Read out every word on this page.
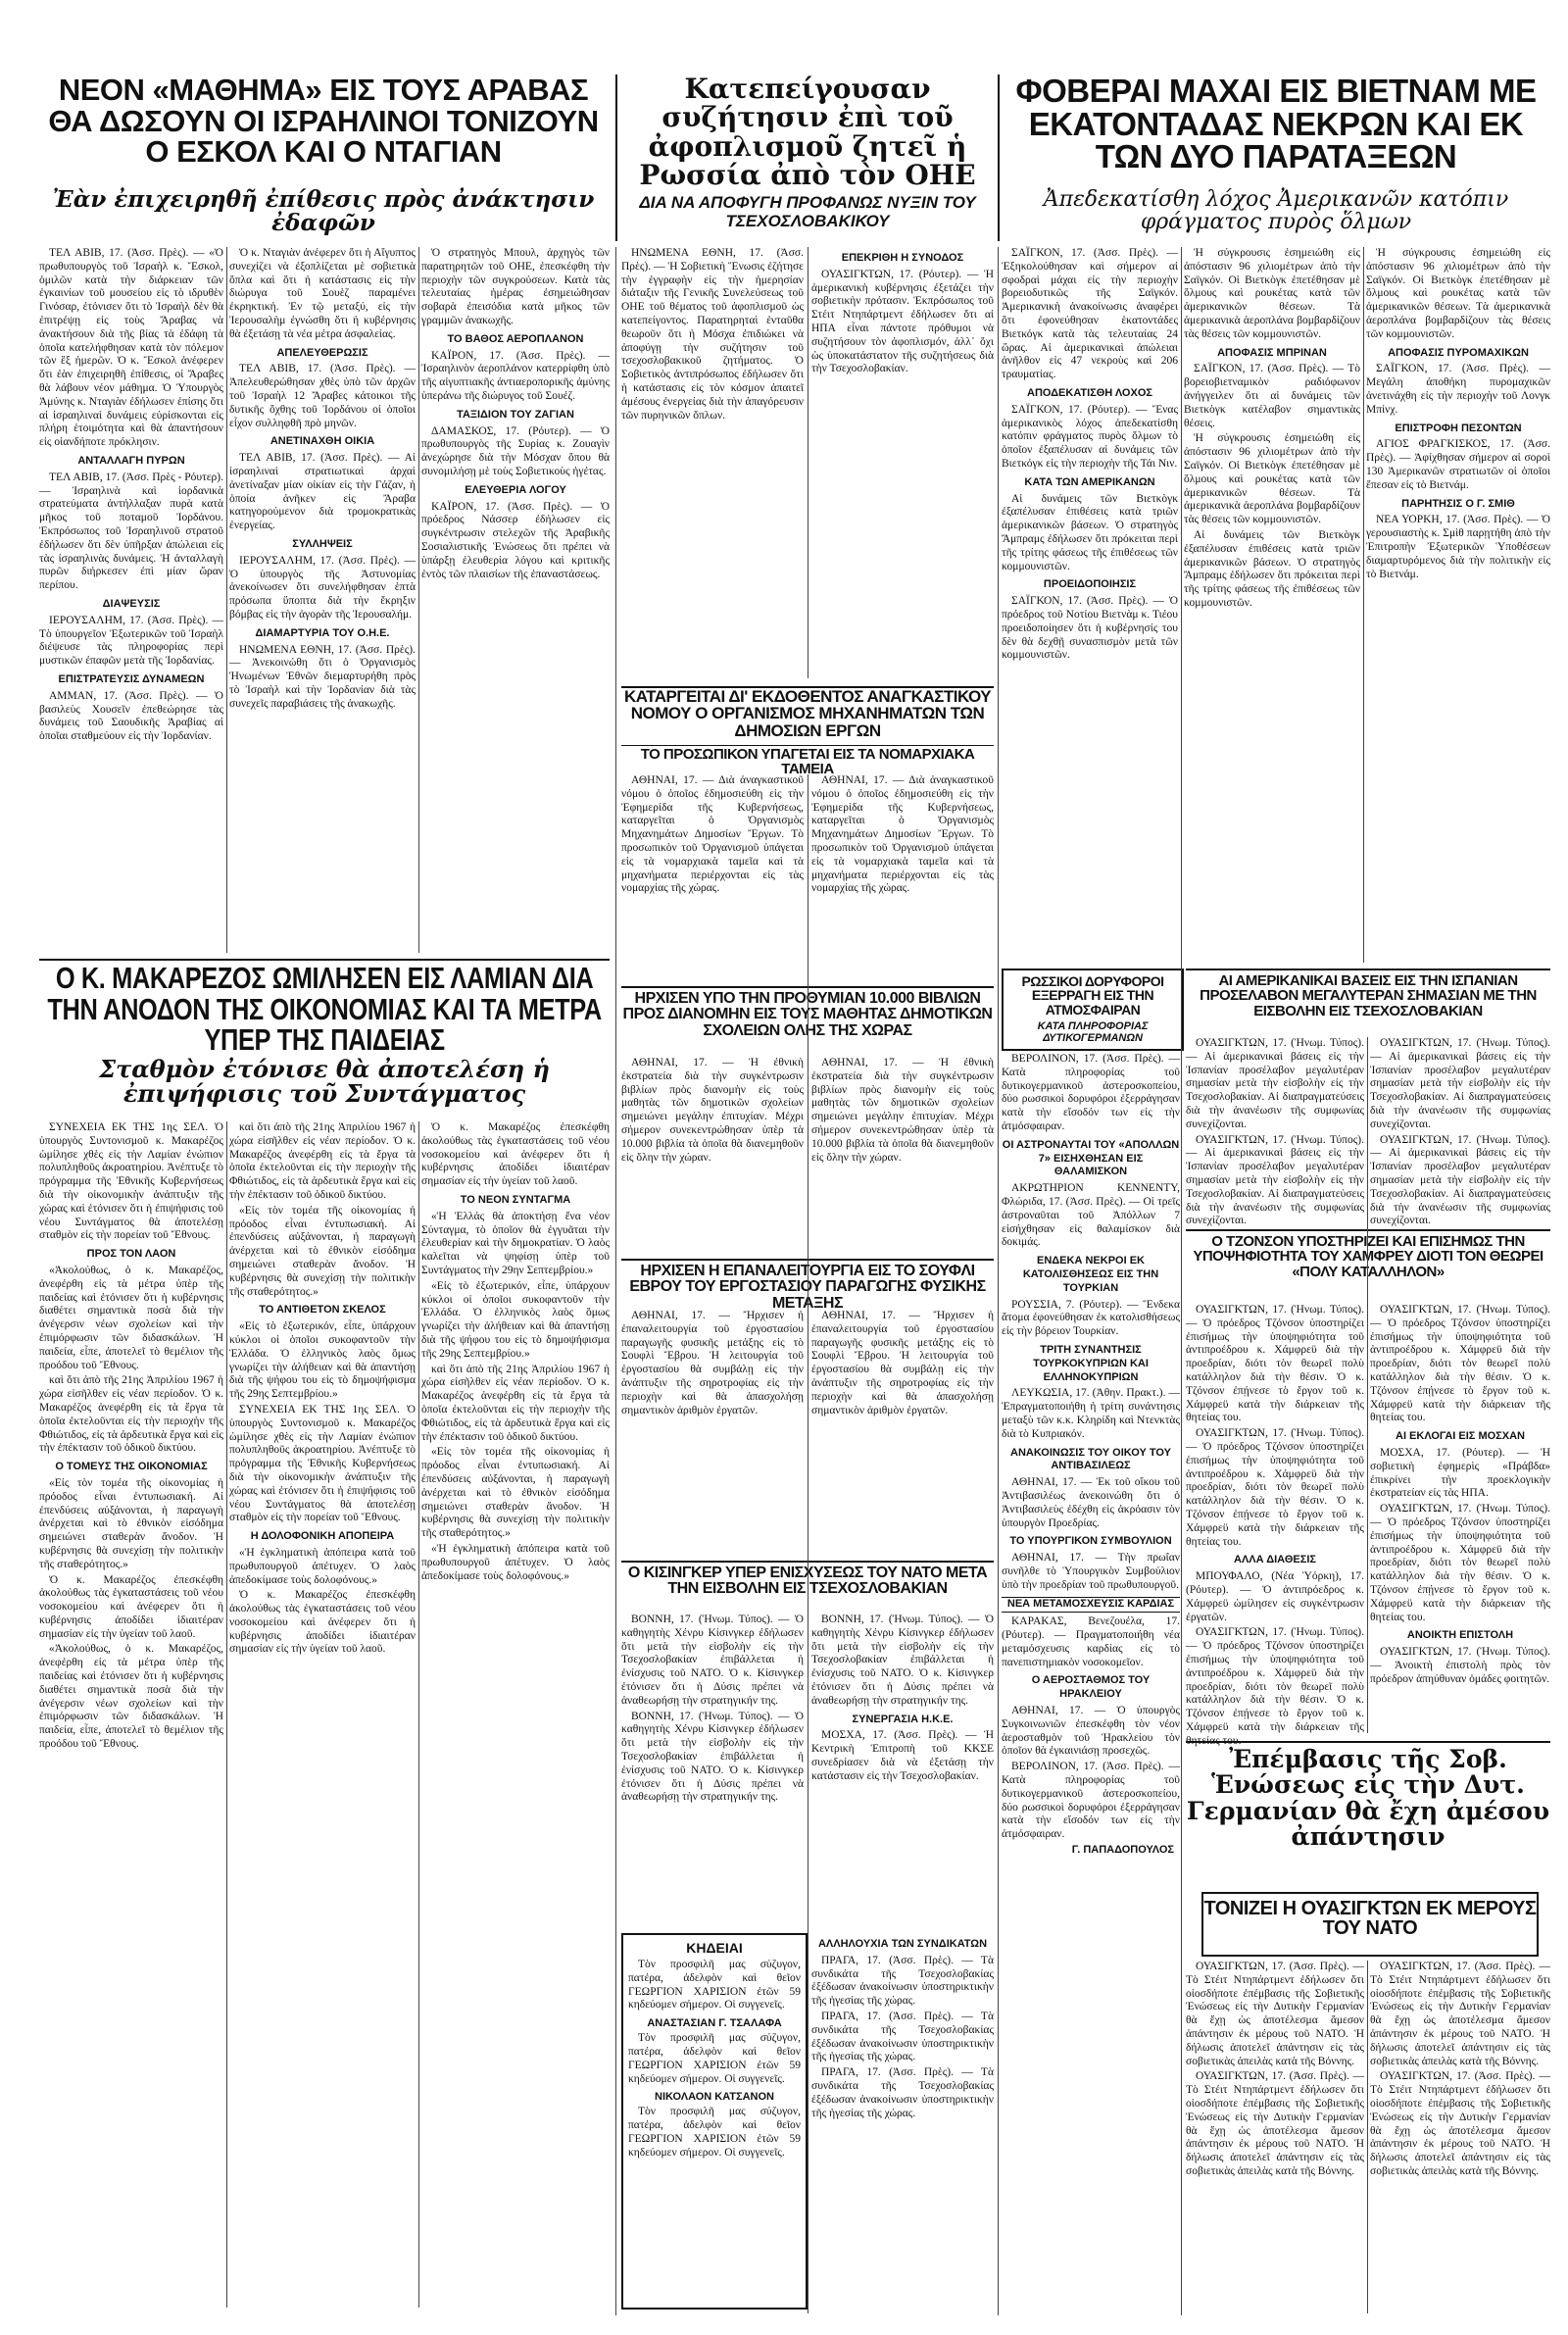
ΝΕΟΝ «ΜΑΘΗΜΑ» ΕΙΣ ΤΟΥΣ ΑΡΑΒΑΣ ΘΑ ΔΩΣΟΥΝ ΟΙ ΙΣΡΑΗΛΙΝΟΙ ΤΟΝΙΖΟΥΝ Ο ΕΣΚΟΛ ΚΑΙ Ο ΝΤΑΓΙΑΝ
Ἐὰν ἐπιχειρηθῆ ἐπίθεσις πρὸς ἀνάκτησιν ἐδαφῶν
Κατεπείγουσαν συζήτησιν ἐπὶ τοῦ ἀφοπλισμοῦ ζητεῖ ἡ Ρωσσία ἀπὸ τὸν ΟΗΕ
ΔΙΑ ΝΑ ΑΠΟΦΥΓΗ ΠΡΟΦΑΝΩΣ ΝΥΞΙΝ ΤΟΥ ΤΣΕΧΟΣΛΟΒΑΚΙΚΟΥ
ΦΟΒΕΡΑΙ ΜΑΧΑΙ ΕΙΣ ΒΙΕΤΝΑΜ ΜΕ ΕΚΑΤΟΝΤΑΔΑΣ ΝΕΚΡΩΝ ΚΑΙ ΕΚ ΤΩΝ ΔΥΟ ΠΑΡΑΤΑΞΕΩΝ
Ἀπεδεκατίσθη λόχος Ἀμερικανῶν κατόπιν φράγματος πυρὸς ὅλμων

ΤΕΛ ΑΒΙΒ, 17. (Ἀσσ. Πρὲς). — «Ὁ πρωθυπουργὸς τοῦ Ἰσραὴλ κ. Ἔσκολ, ὁμιλῶν κατὰ τὴν διάρκειαν τῶν ἐγκαινίων τοῦ μουσείου εἰς τὸ ιδρυθὲν Γινόσαρ, ἐτόνισεν ὅτι τὸ Ἰσραὴλ δὲν θὰ ἐπιτρέψῃ εἰς τοὺς Ἄραβας νὰ ἀνακτήσουν διὰ τῆς βίας τὰ ἐδάφη τὰ ὁποῖα κατελήφθησαν κατὰ τὸν πόλεμον τῶν ἓξ ἡμερῶν. Ὁ κ. Ἔσκολ ἀνέφερεν ὅτι ἐὰν ἐπιχειρηθῆ ἐπίθεσις, οἱ Ἄραβες θὰ λάβουν νέον μάθημα. Ὁ Ὑπουργὸς Ἀμύνης κ. Νταγιὰν ἐδήλωσεν ἐπίσης ὅτι αἱ ἰσραηλιναὶ δυνάμεις εὑρίσκονται εἰς πλήρη ἑτοιμότητα καὶ θὰ ἀπαντήσουν εἰς οἱανδήποτε πρόκλησιν.

ΑΝΤΑΛΛΑΓΗ ΠΥΡΩΝ

ΤΕΛ ΑΒΙΒ, 17. (Ἀσσ. Πρὲς - Ρόυτερ). — Ἰσραηλινὰ καὶ ἰορδανικὰ στρατεύματα ἀντήλλαξαν πυρὰ κατὰ μῆκος τοῦ ποταμοῦ Ἰορδάνου. Ἐκπρόσωπος τοῦ Ἰσραηλινοῦ στρατοῦ ἐδήλωσεν ὅτι δὲν ὑπῆρξαν ἀπώλειαι εἰς τὰς ἰσραηλινὰς δυνάμεις. Ἡ ἀνταλλαγὴ πυρῶν διήρκεσεν ἐπὶ μίαν ὥραν περίπου.

ΔΙΑΨΕΥΣΙΣ

ΙΕΡΟΥΣΑΛΗΜ, 17. (Ἀσσ. Πρὲς). — Τὸ ὑπουργεῖον Ἐξωτερικῶν τοῦ Ἰσραὴλ διέψευσε τὰς πληροφορίας περὶ μυστικῶν ἐπαφῶν μετὰ τῆς Ἰορδανίας.

ΕΠΙΣΤΡΑΤΕΥΣΙΣ ΔΥΝΑΜΕΩΝ

ΑΜΜΑΝ, 17. (Ἀσσ. Πρὲς). — Ὁ βασιλεὺς Χουσεῖν ἐπεθεώρησε τὰς δυνάμεις τοῦ Σαουδικῆς Ἀραβίας αἱ ὁποῖαι σταθμεύουν εἰς τὴν Ἰορδανίαν.

Ὁ κ. Νταγιὰν ἀνέφερεν ὅτι ἡ Αἴγυπτος συνεχίζει νὰ ἐξοπλίζεται μὲ σοβιετικὰ ὅπλα καὶ ὅτι ἡ κατάστασις εἰς τὴν διώρυγα τοῦ Σουὲζ παραμένει ἐκρηκτική. Ἐν τῷ μεταξύ, εἰς τὴν Ἰερουσαλὴμ ἐγνώσθη ὅτι ἡ κυβέρνησις θὰ ἐξετάσῃ τὰ νέα μέτρα ἀσφαλείας.

ΑΠΕΛΕΥΘΕΡΩΣΙΣ

ΤΕΛ ΑΒΙΒ, 17. (Ἀσσ. Πρὲς). — Ἀπελευθερώθησαν χθὲς ὑπὸ τῶν ἀρχῶν τοῦ Ἰσραὴλ 12 Ἄραβες κάτοικοι τῆς δυτικῆς ὄχθης τοῦ Ἰορδάνου οἱ ὁποῖοι εἶχον συλληφθῆ πρὸ μηνῶν.

ΑΝΕΤΙΝΑΧΘΗ ΟΙΚΙΑ

ΤΕΛ ΑΒΙΒ, 17. (Ἀσσ. Πρὲς). — Αἱ ἰσραηλιναὶ στρατιωτικαὶ ἀρχαὶ ἀνετίναξαν μίαν οἰκίαν εἰς τὴν Γάζαν, ἡ ὁποία ἀνῆκεν εἰς Ἄραβα κατηγορούμενον διὰ τρομοκρατικὰς ἐνεργείας.

ΣΥΛΛΗΨΕΙΣ

ΙΕΡΟΥΣΑΛΗΜ, 17. (Ἀσσ. Πρὲς). — Ὁ ὑπουργὸς τῆς Ἀστυνομίας ἀνεκοίνωσεν ὅτι συνελήφθησαν ἑπτὰ πρόσωπα ὕποπτα διὰ τὴν ἔκρηξιν βόμβας εἰς τὴν ἀγορὰν τῆς Ἰερουσαλήμ.

ΔΙΑΜΑΡΤΥΡΙΑ ΤΟΥ Ο.Η.Ε.

ΗΝΩΜΕΝΑ ΕΘΝΗ, 17. (Ἀσσ. Πρὲς). — Ἀνεκοινώθη ὅτι ὁ Ὀργανισμὸς Ἡνωμένων Ἐθνῶν διεμαρτυρήθη πρὸς τὸ Ἰσραὴλ καὶ τὴν Ἰορδανίαν διὰ τὰς συνεχεῖς παραβιάσεις τῆς ἀνακωχῆς.

Ὁ στρατηγὸς Μπουλ, ἀρχηγὸς τῶν παρατηρητῶν τοῦ ΟΗΕ, ἐπεσκέφθη τὴν περιοχὴν τῶν συγκρούσεων. Κατὰ τὰς τελευταίας ἡμέρας ἐσημειώθησαν σοβαρὰ ἐπεισόδια κατὰ μῆκος τῶν γραμμῶν ἀνακωχῆς.

ΤΟ ΒΑΘΟΣ ΑΕΡΟΠΛΑΝΟΝ

ΚΑΪΡΟΝ, 17. (Ἀσσ. Πρὲς). — Ἰσραηλινὸν ἀεροπλάνον κατερρίφθη ὑπὸ τῆς αἰγυπτιακῆς ἀντιαεροπορικῆς ἀμύνης ὑπεράνω τῆς διώρυγος τοῦ Σουέζ.

ΤΑΞΙΔΙΟΝ ΤΟΥ ΖΑΓΙΑΝ

ΔΑΜΑΣΚΟΣ, 17. (Ρόυτερ). — Ὁ πρωθυπουργὸς τῆς Συρίας κ. Ζουαγὶν ἀνεχώρησε διὰ τὴν Μόσχαν ὅπου θὰ συνομιλήσῃ μὲ τοὺς Σοβιετικοὺς ἡγέτας.

ΕΛΕΥΘΕΡΙΑ ΛΟΓΟΥ

ΚΑΪΡΟΝ, 17. (Ἀσσ. Πρὲς). — Ὁ πρόεδρος Νάσσερ ἐδήλωσεν εἰς συγκέντρωσιν στελεχῶν τῆς Ἀραβικῆς Σοσιαλιστικῆς Ἑνώσεως ὅτι πρέπει νὰ ὑπάρξῃ ἐλευθερία λόγου καὶ κριτικῆς ἐντὸς τῶν πλαισίων τῆς ἐπαναστάσεως.

ΗΝΩΜΕΝΑ ΕΘΝΗ, 17. (Ἀσσ. Πρὲς). — Ἡ Σοβιετικὴ Ἕνωσις ἐζήτησε τὴν ἐγγραφὴν εἰς τὴν ἡμερησίαν διάταξιν τῆς Γενικῆς Συνελεύσεως τοῦ ΟΗΕ τοῦ θέματος τοῦ ἀφοπλισμοῦ ὡς κατεπείγοντος. Παρατηρηταὶ ἐνταῦθα θεωροῦν ὅτι ἡ Μόσχα ἐπιδιώκει νὰ ἀποφύγῃ τὴν συζήτησιν τοῦ τσεχοσλοβακικοῦ ζητήματος. Ὁ Σοβιετικὸς ἀντιπρόσωπος ἐδήλωσεν ὅτι ἡ κατάστασις εἰς τὸν κόσμον ἀπαιτεῖ ἀμέσους ἐνεργείας διὰ τὴν ἀπαγόρευσιν τῶν πυρηνικῶν ὅπλων.

ΕΠΕΚΡΙΘΗ Η ΣΥΝΟΔΟΣ

ΟΥΑΣΙΓΚΤΩΝ, 17. (Ρόυτερ). — Ἡ ἀμερικανικὴ κυβέρνησις ἐξετάζει τὴν σοβιετικὴν πρότασιν. Ἐκπρόσωπος τοῦ Στέιτ Ντηπάρτμεντ ἐδήλωσεν ὅτι αἱ ΗΠΑ εἶναι πάντοτε πρόθυμοι νὰ συζητήσουν τὸν ἀφοπλισμόν, ἀλλ᾽ ὄχι ὡς ὑποκατάστατον τῆς συζητήσεως διὰ τὴν Τσεχοσλοβακίαν.

ΚΑΤΑΡΓΕΙΤΑΙ ΔΙ' ΕΚΔΟΘΕΝΤΟΣ ΑΝΑΓΚΑΣΤΙΚΟΥ ΝΟΜΟΥ Ο ΟΡΓΑΝΙΣΜΟΣ ΜΗΧΑΝΗΜΑΤΩΝ ΤΩΝ ΔΗΜΟΣΙΩΝ ΕΡΓΩΝ
ΤΟ ΠΡΟΣΩΠΙΚΟΝ ΥΠΑΓΕΤΑΙ ΕΙΣ ΤΑ ΝΟΜΑΡΧΙΑΚΑ ΤΑΜΕΙΑ

ΑΘΗΝΑΙ, 17. — Διὰ ἀναγκαστικοῦ νόμου ὁ ὁποῖος ἐδημοσιεύθη εἰς τὴν Ἐφημερίδα τῆς Κυβερνήσεως, καταργεῖται ὁ Ὀργανισμὸς Μηχανημάτων Δημοσίων Ἔργων. Τὸ προσωπικὸν τοῦ Ὀργανισμοῦ ὑπάγεται εἰς τὰ νομαρχιακὰ ταμεῖα καὶ τὰ μηχανήματα περιέρχονται εἰς τὰς νομαρχίας τῆς χώρας.

ΑΘΗΝΑΙ, 17. — Διὰ ἀναγκαστικοῦ νόμου ὁ ὁποῖος ἐδημοσιεύθη εἰς τὴν Ἐφημερίδα τῆς Κυβερνήσεως, καταργεῖται ὁ Ὀργανισμὸς Μηχανημάτων Δημοσίων Ἔργων. Τὸ προσωπικὸν τοῦ Ὀργανισμοῦ ὑπάγεται εἰς τὰ νομαρχιακὰ ταμεῖα καὶ τὰ μηχανήματα περιέρχονται εἰς τὰς νομαρχίας τῆς χώρας.

ΗΡΧΙΣΕΝ ΥΠΟ ΤΗΝ ΠΡΟΘΥΜΙΑΝ 10.000 ΒΙΒΛΙΩΝ ΠΡΟΣ ΔΙΑΝΟΜΗΝ ΕΙΣ ΤΟΥΣ ΜΑΘΗΤΑΣ ΔΗΜΟΤΙΚΩΝ ΣΧΟΛΕΙΩΝ ΟΛΗΣ ΤΗΣ ΧΩΡΑΣ

ΑΘΗΝΑΙ, 17. — Ἡ ἐθνικὴ ἐκστρατεία διὰ τὴν συγκέντρωσιν βιβλίων πρὸς διανομὴν εἰς τοὺς μαθητὰς τῶν δημοτικῶν σχολείων σημειώνει μεγάλην ἐπιτυχίαν. Μέχρι σήμερον συνεκεντρώθησαν ὑπὲρ τὰ 10.000 βιβλία τὰ ὁποῖα θὰ διανεμηθοῦν εἰς ὅλην τὴν χώραν.

ΑΘΗΝΑΙ, 17. — Ἡ ἐθνικὴ ἐκστρατεία διὰ τὴν συγκέντρωσιν βιβλίων πρὸς διανομὴν εἰς τοὺς μαθητὰς τῶν δημοτικῶν σχολείων σημειώνει μεγάλην ἐπιτυχίαν. Μέχρι σήμερον συνεκεντρώθησαν ὑπὲρ τὰ 10.000 βιβλία τὰ ὁποῖα θὰ διανεμηθοῦν εἰς ὅλην τὴν χώραν.

ΗΡΧΙΣΕΝ Η ΕΠΑΝΑΛΕΙΤΟΥΡΓΙΑ ΕΙΣ ΤΟ ΣΟΥΦΛΙ ΕΒΡΟΥ ΤΟΥ ΕΡΓΟΣΤΑΣΙΟΥ ΠΑΡΑΓΩΓΗΣ ΦΥΣΙΚΗΣ ΜΕΤΑΞΗΣ

ΑΘΗΝΑΙ, 17. — Ἤρχισεν ἡ ἐπαναλειτουργία τοῦ ἐργοστασίου παραγωγῆς φυσικῆς μετάξης εἰς τὸ Σουφλὶ Ἔβρου. Ἡ λειτουργία τοῦ ἐργοστασίου θὰ συμβάλῃ εἰς τὴν ἀνάπτυξιν τῆς σηροτροφίας εἰς τὴν περιοχὴν καὶ θὰ ἀπασχολήσῃ σημαντικὸν ἀριθμὸν ἐργατῶν.

ΑΘΗΝΑΙ, 17. — Ἤρχισεν ἡ ἐπαναλειτουργία τοῦ ἐργοστασίου παραγωγῆς φυσικῆς μετάξης εἰς τὸ Σουφλὶ Ἔβρου. Ἡ λειτουργία τοῦ ἐργοστασίου θὰ συμβάλῃ εἰς τὴν ἀνάπτυξιν τῆς σηροτροφίας εἰς τὴν περιοχὴν καὶ θὰ ἀπασχολήσῃ σημαντικὸν ἀριθμὸν ἐργατῶν.

Ο ΚΙΣΙΝΓΚΕΡ ΥΠΕΡ ΕΝΙΣΧΥΣΕΩΣ ΤΟΥ ΝΑΤΟ ΜΕΤΑ ΤΗΝ ΕΙΣΒΟΛΗΝ ΕΙΣ ΤΣΕΧΟΣΛΟΒΑΚΙΑΝ

ΒΟΝΝΗ, 17. (Ἡνωμ. Τύπος). — Ὁ καθηγητὴς Χένρυ Κίσινγκερ ἐδήλωσεν ὅτι μετὰ τὴν εἰσβολὴν εἰς τὴν Τσεχοσλοβακίαν ἐπιβάλλεται ἡ ἐνίσχυσις τοῦ ΝΑΤΟ. Ὁ κ. Κίσινγκερ ἐτόνισεν ὅτι ἡ Δύσις πρέπει νὰ ἀναθεωρήσῃ τὴν στρατηγικήν της.

ΒΟΝΝΗ, 17. (Ἡνωμ. Τύπος). — Ὁ καθηγητὴς Χένρυ Κίσινγκερ ἐδήλωσεν ὅτι μετὰ τὴν εἰσβολὴν εἰς τὴν Τσεχοσλοβακίαν ἐπιβάλλεται ἡ ἐνίσχυσις τοῦ ΝΑΤΟ. Ὁ κ. Κίσινγκερ ἐτόνισεν ὅτι ἡ Δύσις πρέπει νὰ ἀναθεωρήσῃ τὴν στρατηγικήν της.

ΒΟΝΝΗ, 17. (Ἡνωμ. Τύπος). — Ὁ καθηγητὴς Χένρυ Κίσινγκερ ἐδήλωσεν ὅτι μετὰ τὴν εἰσβολὴν εἰς τὴν Τσεχοσλοβακίαν ἐπιβάλλεται ἡ ἐνίσχυσις τοῦ ΝΑΤΟ. Ὁ κ. Κίσινγκερ ἐτόνισεν ὅτι ἡ Δύσις πρέπει νὰ ἀναθεωρήσῃ τὴν στρατηγικήν της.

ΣΥΝΕΡΓΑΣΙΑ Η.Κ.Ε.

ΜΟΣΧΑ, 17. (Ἀσσ. Πρὲς). — Ἡ Κεντρικὴ Ἐπιτροπὴ τοῦ ΚΚΣΕ συνεδρίασεν διὰ νὰ ἐξετάσῃ τὴν κατάστασιν εἰς τὴν Τσεχοσλοβακίαν.

ΚΗΔΕΙΑΙ

Τὸν προσφιλῆ μας σύζυγον, πατέρα, ἀδελφὸν καὶ θεῖον ΓΕΩΡΓΙΟΝ ΧΑΡΙΣΙΟΝ ἐτῶν 59 κηδεύομεν σήμερον. Οἱ συγγενεῖς.

ΑΝΑΣΤΑΣΙΑΝ Γ. ΤΣΑΛΑΦΑ

Τὸν προσφιλῆ μας σύζυγον, πατέρα, ἀδελφὸν καὶ θεῖον ΓΕΩΡΓΙΟΝ ΧΑΡΙΣΙΟΝ ἐτῶν 59 κηδεύομεν σήμερον. Οἱ συγγενεῖς.

ΝΙΚΟΛΑΟΝ ΚΑΤΣΑΝΟΝ

Τὸν προσφιλῆ μας σύζυγον, πατέρα, ἀδελφὸν καὶ θεῖον ΓΕΩΡΓΙΟΝ ΧΑΡΙΣΙΟΝ ἐτῶν 59 κηδεύομεν σήμερον. Οἱ συγγενεῖς.

ΑΛΛΗΛΟΥΧΙΑ ΤΩΝ ΣΥΝΔΙΚΑΤΩΝ

ΠΡΑΓΑ, 17. (Ἀσσ. Πρὲς). — Τὰ συνδικάτα τῆς Τσεχοσλοβακίας ἐξέδωσαν ἀνακοίνωσιν ὑποστηρικτικὴν τῆς ἡγεσίας τῆς χώρας.

ΠΡΑΓΑ, 17. (Ἀσσ. Πρὲς). — Τὰ συνδικάτα τῆς Τσεχοσλοβακίας ἐξέδωσαν ἀνακοίνωσιν ὑποστηρικτικὴν τῆς ἡγεσίας τῆς χώρας.

ΠΡΑΓΑ, 17. (Ἀσσ. Πρὲς). — Τὰ συνδικάτα τῆς Τσεχοσλοβακίας ἐξέδωσαν ἀνακοίνωσιν ὑποστηρικτικὴν τῆς ἡγεσίας τῆς χώρας.

ΣΑΪΓΚΟΝ, 17. (Ἀσσ. Πρὲς). — Ἐξηκολούθησαν καὶ σήμερον αἱ σφοδραὶ μάχαι εἰς τὴν περιοχὴν βορειοδυτικῶς τῆς Σαϊγκόν. Ἀμερικανικὴ ἀνακοίνωσις ἀναφέρει ὅτι ἐφονεύθησαν ἑκατοντάδες Βιετκόγκ κατὰ τὰς τελευταίας 24 ὥρας. Αἱ ἀμερικανικαὶ ἀπώλειαι ἀνῆλθον εἰς 47 νεκροὺς καὶ 206 τραυματίας.

ΑΠΟΔΕΚΑΤΙΣΘΗ ΛΟΧΟΣ

ΣΑΪΓΚΟΝ, 17. (Ρόυτερ). — Ἕνας ἀμερικανικὸς λόχος ἀπεδεκατίσθη κατόπιν φράγματος πυρὸς ὅλμων τὸ ὁποῖον ἐξαπέλυσαν αἱ δυνάμεις τῶν Βιετκόγκ εἰς τὴν περιοχὴν τῆς Τάι Νιν.

ΚΑΤΑ ΤΩΝ ΑΜΕΡΙΚΑΝΩΝ

Αἱ δυνάμεις τῶν Βιετκὸγκ ἐξαπέλυσαν ἐπιθέσεις κατὰ τριῶν ἀμερικανικῶν βάσεων. Ὁ στρατηγὸς Ἄμπραμς ἐδήλωσεν ὅτι πρόκειται περὶ τῆς τρίτης φάσεως τῆς ἐπιθέσεως τῶν κομμουνιστῶν.

ΠΡΟΕΙΔΟΠΟΙΗΣΙΣ

ΣΑΪΓΚΟΝ, 17. (Ἀσσ. Πρὲς). — Ὁ πρόεδρος τοῦ Νοτίου Βιετνὰμ κ. Τιέου προειδοποίησεν ὅτι ἡ κυβέρνησίς του δὲν θὰ δεχθῇ συνασπισμὸν μετὰ τῶν κομμουνιστῶν.

Ἡ σύγκρουσις ἐσημειώθη εἰς ἀπόστασιν 96 χιλιομέτρων ἀπὸ τὴν Σαϊγκόν. Οἱ Βιετκὸγκ ἐπετέθησαν μὲ ὅλμους καὶ ρουκέτας κατὰ τῶν ἀμερικανικῶν θέσεων. Τὰ ἀμερικανικὰ ἀεροπλάνα βομβαρδίζουν τὰς θέσεις τῶν κομμουνιστῶν.

ΑΠΟΦΑΣΙΣ ΜΠΡΙΝΑΝ

ΣΑΪΓΚΟΝ, 17. (Ἀσσ. Πρὲς). — Τὸ βορειοβιετναμικὸν ραδιόφωνον ἀνήγγειλεν ὅτι αἱ δυνάμεις τῶν Βιετκὸγκ κατέλαβον σημαντικὰς θέσεις.

Ἡ σύγκρουσις ἐσημειώθη εἰς ἀπόστασιν 96 χιλιομέτρων ἀπὸ τὴν Σαϊγκόν. Οἱ Βιετκὸγκ ἐπετέθησαν μὲ ὅλμους καὶ ρουκέτας κατὰ τῶν ἀμερικανικῶν θέσεων. Τὰ ἀμερικανικὰ ἀεροπλάνα βομβαρδίζουν τὰς θέσεις τῶν κομμουνιστῶν.

Αἱ δυνάμεις τῶν Βιετκὸγκ ἐξαπέλυσαν ἐπιθέσεις κατὰ τριῶν ἀμερικανικῶν βάσεων. Ὁ στρατηγὸς Ἄμπραμς ἐδήλωσεν ὅτι πρόκειται περὶ τῆς τρίτης φάσεως τῆς ἐπιθέσεως τῶν κομμουνιστῶν.

Ἡ σύγκρουσις ἐσημειώθη εἰς ἀπόστασιν 96 χιλιομέτρων ἀπὸ τὴν Σαϊγκόν. Οἱ Βιετκὸγκ ἐπετέθησαν μὲ ὅλμους καὶ ρουκέτας κατὰ τῶν ἀμερικανικῶν θέσεων. Τὰ ἀμερικανικὰ ἀεροπλάνα βομβαρδίζουν τὰς θέσεις τῶν κομμουνιστῶν.

ΑΠΟΦΑΣΙΣ ΠΥΡΟΜΑΧΙΚΩΝ

ΣΑΪΓΚΟΝ, 17. (Ἀσσ. Πρὲς). — Μεγάλη ἀποθήκη πυρομαχικῶν ἀνετινάχθη εἰς τὴν περιοχὴν τοῦ Λονγκ Μπίνχ.

ΕΠΙΣΤΡΟΦΗ ΠΕΣΟΝΤΩΝ

ΑΓΙΟΣ ΦΡΑΓΚΙΣΚΟΣ, 17. (Ἀσσ. Πρὲς). — Ἀφίχθησαν σήμερον αἱ σοροὶ 130 Ἀμερικανῶν στρατιωτῶν οἱ ὁποῖοι ἔπεσαν εἰς τὸ Βιετνάμ.

ΠΑΡΗΤΗΣΙΣ Ο Γ. ΣΜΙΘ

ΝΕΑ ΥΟΡΚΗ, 17. (Ἀσσ. Πρὲς). — Ὁ γερουσιαστὴς κ. Σμὶθ παρῃτήθη ἀπὸ τὴν Ἐπιτροπὴν Ἐξωτερικῶν Ὑποθέσεων διαμαρτυρόμενος διὰ τὴν πολιτικὴν εἰς τὸ Βιετνάμ.

Ο Κ. ΜΑΚΑΡΕΖΟΣ ΩΜΙΛΗΣΕΝ ΕΙΣ ΛΑΜΙΑΝ ΔΙΑ ΤΗΝ ΑΝΟΔΟΝ ΤΗΣ ΟΙΚΟΝΟΜΙΑΣ ΚΑΙ ΤΑ ΜΕΤΡΑ ΥΠΕΡ ΤΗΣ ΠΑΙΔΕΙΑΣ
Σταθμὸν ἐτόνισε θὰ ἀποτελέση ἡ ἐπιψήφισις τοῦ Συντάγματος

ΣΥΝΕΧΕΙΑ ΕΚ ΤΗΣ 1ης ΣΕΛ. Ὁ ὑπουργὸς Συντονισμοῦ κ. Μακαρέζος ὡμίλησε χθὲς εἰς τὴν Λαμίαν ἐνώπιον πολυπληθοῦς ἀκροατηρίου. Ἀνέπτυξε τὸ πρόγραμμα τῆς Ἐθνικῆς Κυβερνήσεως διὰ τὴν οἰκονομικὴν ἀνάπτυξιν τῆς χώρας καὶ ἐτόνισεν ὅτι ἡ ἐπιψήφισις τοῦ νέου Συντάγματος θὰ ἀποτελέσῃ σταθμὸν εἰς τὴν πορείαν τοῦ Ἔθνους.

ΠΡΟΣ ΤΟΝ ΛΑΟΝ

«Ἀκολούθως, ὁ κ. Μακαρέζος, ἀνεφέρθη εἰς τὰ μέτρα ὑπὲρ τῆς παιδείας καὶ ἐτόνισεν ὅτι ἡ κυβέρνησις διαθέτει σημαντικὰ ποσὰ διὰ τὴν ἀνέγερσιν νέων σχολείων καὶ τὴν ἐπιμόρφωσιν τῶν διδασκάλων. Ἡ παιδεία, εἶπε, ἀποτελεῖ τὸ θεμέλιον τῆς προόδου τοῦ Ἔθνους.

καὶ ὅτι ἀπὸ τῆς 21ης Ἀπριλίου 1967 ἡ χώρα εἰσῆλθεν εἰς νέαν περίοδον. Ὁ κ. Μακαρέζος ἀνεφέρθη εἰς τὰ ἔργα τὰ ὁποῖα ἐκτελοῦνται εἰς τὴν περιοχὴν τῆς Φθιώτιδος, εἰς τὰ ἀρδευτικὰ ἔργα καὶ εἰς τὴν ἐπέκτασιν τοῦ ὁδικοῦ δικτύου.

Ο ΤΟΜΕΥΣ ΤΗΣ ΟΙΚΟΝΟΜΙΑΣ

«Εἰς τὸν τομέα τῆς οἰκονομίας ἡ πρόοδος εἶναι ἐντυπωσιακή. Αἱ ἐπενδύσεις αὐξάνονται, ἡ παραγωγὴ ἀνέρχεται καὶ τὸ ἐθνικὸν εἰσόδημα σημειώνει σταθερὰν ἄνοδον. Ἡ κυβέρνησις θὰ συνεχίσῃ τὴν πολιτικὴν τῆς σταθερότητος.»

Ὁ κ. Μακαρέζος ἐπεσκέφθη ἀκολούθως τὰς ἐγκαταστάσεις τοῦ νέου νοσοκομείου καὶ ἀνέφερεν ὅτι ἡ κυβέρνησις ἀποδίδει ἰδιαιτέραν σημασίαν εἰς τὴν ὑγείαν τοῦ λαοῦ.

«Ἀκολούθως, ὁ κ. Μακαρέζος, ἀνεφέρθη εἰς τὰ μέτρα ὑπὲρ τῆς παιδείας καὶ ἐτόνισεν ὅτι ἡ κυβέρνησις διαθέτει σημαντικὰ ποσὰ διὰ τὴν ἀνέγερσιν νέων σχολείων καὶ τὴν ἐπιμόρφωσιν τῶν διδασκάλων. Ἡ παιδεία, εἶπε, ἀποτελεῖ τὸ θεμέλιον τῆς προόδου τοῦ Ἔθνους.

καὶ ὅτι ἀπὸ τῆς 21ης Ἀπριλίου 1967 ἡ χώρα εἰσῆλθεν εἰς νέαν περίοδον. Ὁ κ. Μακαρέζος ἀνεφέρθη εἰς τὰ ἔργα τὰ ὁποῖα ἐκτελοῦνται εἰς τὴν περιοχὴν τῆς Φθιώτιδος, εἰς τὰ ἀρδευτικὰ ἔργα καὶ εἰς τὴν ἐπέκτασιν τοῦ ὁδικοῦ δικτύου.

«Εἰς τὸν τομέα τῆς οἰκονομίας ἡ πρόοδος εἶναι ἐντυπωσιακή. Αἱ ἐπενδύσεις αὐξάνονται, ἡ παραγωγὴ ἀνέρχεται καὶ τὸ ἐθνικὸν εἰσόδημα σημειώνει σταθερὰν ἄνοδον. Ἡ κυβέρνησις θὰ συνεχίσῃ τὴν πολιτικὴν τῆς σταθερότητος.»

ΤΟ ΑΝΤΙΘΕΤΟΝ ΣΚΕΛΟΣ

«Εἰς τὸ ἐξωτερικόν, εἶπε, ὑπάρχουν κύκλοι οἱ ὁποῖοι συκοφαντοῦν τὴν Ἑλλάδα. Ὁ ἑλληνικὸς λαὸς ὅμως γνωρίζει τὴν ἀλήθειαν καὶ θὰ ἀπαντήσῃ διὰ τῆς ψήφου του εἰς τὸ δημοψήφισμα τῆς 29ης Σεπτεμβρίου.»

ΣΥΝΕΧΕΙΑ ΕΚ ΤΗΣ 1ης ΣΕΛ. Ὁ ὑπουργὸς Συντονισμοῦ κ. Μακαρέζος ὡμίλησε χθὲς εἰς τὴν Λαμίαν ἐνώπιον πολυπληθοῦς ἀκροατηρίου. Ἀνέπτυξε τὸ πρόγραμμα τῆς Ἐθνικῆς Κυβερνήσεως διὰ τὴν οἰκονομικὴν ἀνάπτυξιν τῆς χώρας καὶ ἐτόνισεν ὅτι ἡ ἐπιψήφισις τοῦ νέου Συντάγματος θὰ ἀποτελέσῃ σταθμὸν εἰς τὴν πορείαν τοῦ Ἔθνους.

Η ΔΟΛΟΦΟΝΙΚΗ ΑΠΟΠΕΙΡΑ

«Ἡ ἐγκληματικὴ ἀπόπειρα κατὰ τοῦ πρωθυπουργοῦ ἀπέτυχεν. Ὁ λαὸς ἀπεδοκίμασε τοὺς δολοφόνους.»

Ὁ κ. Μακαρέζος ἐπεσκέφθη ἀκολούθως τὰς ἐγκαταστάσεις τοῦ νέου νοσοκομείου καὶ ἀνέφερεν ὅτι ἡ κυβέρνησις ἀποδίδει ἰδιαιτέραν σημασίαν εἰς τὴν ὑγείαν τοῦ λαοῦ.

Ὁ κ. Μακαρέζος ἐπεσκέφθη ἀκολούθως τὰς ἐγκαταστάσεις τοῦ νέου νοσοκομείου καὶ ἀνέφερεν ὅτι ἡ κυβέρνησις ἀποδίδει ἰδιαιτέραν σημασίαν εἰς τὴν ὑγείαν τοῦ λαοῦ.

ΤΟ ΝΕΟΝ ΣΥΝΤΑΓΜΑ

«Ἡ Ἑλλάς θὰ ἀποκτήσῃ ἕνα νέον Σύνταγμα, τὸ ὁποῖον θὰ ἐγγυᾶται τὴν ἐλευθερίαν καὶ τὴν δημοκρατίαν. Ὁ λαὸς καλεῖται νὰ ψηφίσῃ ὑπὲρ τοῦ Συντάγματος τὴν 29ην Σεπτεμβρίου.»

«Εἰς τὸ ἐξωτερικόν, εἶπε, ὑπάρχουν κύκλοι οἱ ὁποῖοι συκοφαντοῦν τὴν Ἑλλάδα. Ὁ ἑλληνικὸς λαὸς ὅμως γνωρίζει τὴν ἀλήθειαν καὶ θὰ ἀπαντήσῃ διὰ τῆς ψήφου του εἰς τὸ δημοψήφισμα τῆς 29ης Σεπτεμβρίου.»

καὶ ὅτι ἀπὸ τῆς 21ης Ἀπριλίου 1967 ἡ χώρα εἰσῆλθεν εἰς νέαν περίοδον. Ὁ κ. Μακαρέζος ἀνεφέρθη εἰς τὰ ἔργα τὰ ὁποῖα ἐκτελοῦνται εἰς τὴν περιοχὴν τῆς Φθιώτιδος, εἰς τὰ ἀρδευτικὰ ἔργα καὶ εἰς τὴν ἐπέκτασιν τοῦ ὁδικοῦ δικτύου.

«Εἰς τὸν τομέα τῆς οἰκονομίας ἡ πρόοδος εἶναι ἐντυπωσιακή. Αἱ ἐπενδύσεις αὐξάνονται, ἡ παραγωγὴ ἀνέρχεται καὶ τὸ ἐθνικὸν εἰσόδημα σημειώνει σταθερὰν ἄνοδον. Ἡ κυβέρνησις θὰ συνεχίσῃ τὴν πολιτικὴν τῆς σταθερότητος.»

«Ἡ ἐγκληματικὴ ἀπόπειρα κατὰ τοῦ πρωθυπουργοῦ ἀπέτυχεν. Ὁ λαὸς ἀπεδοκίμασε τοὺς δολοφόνους.»

ΡΩΣΣΙΚΟΙ ΔΟΡΥΦΟΡΟΙ ΕΞΕΡΡΑΓΗ ΕΙΣ ΤΗΝ ΑΤΜΟΣΦΑΙΡΑΝ
ΚΑΤΑ ΠΛΗΡΟΦΟΡΙΑΣ ΔΥΤΙΚΟΓΕΡΜΑΝΩΝ

ΒΕΡΟΛΙΝΟΝ, 17. (Ἀσσ. Πρὲς). — Κατὰ πληροφορίας τοῦ δυτικογερμανικοῦ ἀστεροσκοπείου, δύο ρωσσικοὶ δορυφόροι ἐξερράγησαν κατὰ τὴν εἴσοδόν των εἰς τὴν ἀτμόσφαιραν.

ΟΙ ΑΣΤΡΟΝΑΥΤΑΙ ΤΟΥ «ΑΠΟΛΛΩΝ 7» ΕΙΣΗΧΘΗΣΑΝ ΕΙΣ ΘΑΛΑΜΙΣΚΟΝ

ΑΚΡΩΤΗΡΙΟΝ ΚΕΝΝΕΝΤΥ, Φλώριδα, 17. (Ἀσσ. Πρὲς). — Οἱ τρεῖς ἀστροναῦται τοῦ Ἀπόλλων 7 εἰσήχθησαν εἰς θαλαμίσκον διὰ δοκιμάς.

ΕΝΔΕΚΑ ΝΕΚΡΟΙ ΕΚ ΚΑΤΟΛΙΣΘΗΣΕΩΣ ΕΙΣ ΤΗΝ ΤΟΥΡΚΙΑΝ

ΡΟΥΣΣΙΑ, 7. (Ρόυτερ). — Ἕνδεκα ἄτομα ἐφονεύθησαν ἐκ κατολισθήσεως εἰς τὴν βόρειον Τουρκίαν.

ΤΡΙΤΗ ΣΥΝΑΝΤΗΣΙΣ ΤΟΥΡΚΟΚΥΠΡΙΩΝ ΚΑΙ ΕΛΛΗΝΟΚΥΠΡΙΩΝ

ΛΕΥΚΩΣΙΑ, 17. (Ἀθην. Πρακτ.). — Ἐπραγματοποιήθη ἡ τρίτη συνάντησις μεταξὺ τῶν κ.κ. Κληρίδη καὶ Ντενκτὰς διὰ τὸ Κυπριακόν.

ΑΝΑΚΟΙΝΩΣΙΣ ΤΟΥ ΟΙΚΟΥ ΤΟΥ ΑΝΤΙΒΑΣΙΛΕΩΣ

ΑΘΗΝΑΙ, 17. — Ἐκ τοῦ οἴκου τοῦ Ἀντιβασιλέως ἀνεκοινώθη ὅτι ὁ Ἀντιβασιλεὺς ἐδέχθη εἰς ἀκρόασιν τὸν ὑπουργὸν Προεδρίας.

ΤΟ ΥΠΟΥΡΓΙΚΟΝ ΣΥΜΒΟΥΛΙΟΝ

ΑΘΗΝΑΙ, 17. — Τὴν πρωΐαν συνῆλθε τὸ Ὑπουργικὸν Συμβούλιον ὑπὸ τὴν προεδρίαν τοῦ πρωθυπουργοῦ.

ΝΕΑ ΜΕΤΑΜΟΣΧΕΥΣΙΣ ΚΑΡΔΙΑΣ

ΚΑΡΑΚΑΣ, Βενεζουέλα, 17. (Ρόυτερ). — Πραγματοποιήθη νέα μεταμόσχευσις καρδίας εἰς τὸ πανεπιστημιακὸν νοσοκομεῖον.

Ο ΑΕΡΟΣΤΑΘΜΟΣ ΤΟΥ ΗΡΑΚΛΕΙΟΥ

ΑΘΗΝΑΙ, 17. — Ὁ ὑπουργὸς Συγκοινωνιῶν ἐπεσκέφθη τὸν νέον ἀεροσταθμὸν τοῦ Ἡρακλείου τὸν ὁποῖον θὰ ἐγκαινιάσῃ προσεχῶς.

ΒΕΡΟΛΙΝΟΝ, 17. (Ἀσσ. Πρὲς). — Κατὰ πληροφορίας τοῦ δυτικογερμανικοῦ ἀστεροσκοπείου, δύο ρωσσικοὶ δορυφόροι ἐξερράγησαν κατὰ τὴν εἴσοδόν των εἰς τὴν ἀτμόσφαιραν.

Γ. ΠΑΠΑΔΟΠΟΥΛΟΣ
ΑΙ ΑΜΕΡΙΚΑΝΙΚΑΙ ΒΑΣΕΙΣ ΕΙΣ ΤΗΝ ΙΣΠΑΝΙΑΝ ΠΡΟΣΕΛΑΒΟΝ ΜΕΓΑΛΥΤΕΡΑΝ ΣΗΜΑΣΙΑΝ ΜΕ ΤΗΝ ΕΙΣΒΟΛΗΝ ΕΙΣ ΤΣΕΧΟΣΛΟΒΑΚΙΑΝ

ΟΥΑΣΙΓΚΤΩΝ, 17. (Ἡνωμ. Τύπος). — Αἱ ἀμερικανικαὶ βάσεις εἰς τὴν Ἰσπανίαν προσέλαβον μεγαλυτέραν σημασίαν μετὰ τὴν εἰσβολὴν εἰς τὴν Τσεχοσλοβακίαν. Αἱ διαπραγματεύσεις διὰ τὴν ἀνανέωσιν τῆς συμφωνίας συνεχίζονται.

ΟΥΑΣΙΓΚΤΩΝ, 17. (Ἡνωμ. Τύπος). — Αἱ ἀμερικανικαὶ βάσεις εἰς τὴν Ἰσπανίαν προσέλαβον μεγαλυτέραν σημασίαν μετὰ τὴν εἰσβολὴν εἰς τὴν Τσεχοσλοβακίαν. Αἱ διαπραγματεύσεις διὰ τὴν ἀνανέωσιν τῆς συμφωνίας συνεχίζονται.

ΟΥΑΣΙΓΚΤΩΝ, 17. (Ἡνωμ. Τύπος). — Αἱ ἀμερικανικαὶ βάσεις εἰς τὴν Ἰσπανίαν προσέλαβον μεγαλυτέραν σημασίαν μετὰ τὴν εἰσβολὴν εἰς τὴν Τσεχοσλοβακίαν. Αἱ διαπραγματεύσεις διὰ τὴν ἀνανέωσιν τῆς συμφωνίας συνεχίζονται.

ΟΥΑΣΙΓΚΤΩΝ, 17. (Ἡνωμ. Τύπος). — Αἱ ἀμερικανικαὶ βάσεις εἰς τὴν Ἰσπανίαν προσέλαβον μεγαλυτέραν σημασίαν μετὰ τὴν εἰσβολὴν εἰς τὴν Τσεχοσλοβακίαν. Αἱ διαπραγματεύσεις διὰ τὴν ἀνανέωσιν τῆς συμφωνίας συνεχίζονται.

Ο ΤΖΟΝΣΟΝ ΥΠΟΣΤΗΡΙΖΕΙ ΚΑΙ ΕΠΙΣΗΜΩΣ ΤΗΝ ΥΠΟΨΗΦΙΟΤΗΤΑ ΤΟΥ ΧΑΜΦΡΕΥ ΔΙΟΤΙ ΤΟΝ ΘΕΩΡΕΙ «ΠΟΛΥ ΚΑΤΑΛΛΗΛΟΝ»

ΟΥΑΣΙΓΚΤΩΝ, 17. (Ἡνωμ. Τύπος). — Ὁ πρόεδρος Τζόνσον ὑποστηρίζει ἐπισήμως τὴν ὑποψηφιότητα τοῦ ἀντιπροέδρου κ. Χάμφρεϋ διὰ τὴν προεδρίαν, διότι τὸν θεωρεῖ πολὺ κατάλληλον διὰ τὴν θέσιν. Ὁ κ. Τζόνσον ἐπῄνεσε τὸ ἔργον τοῦ κ. Χάμφρεϋ κατὰ τὴν διάρκειαν τῆς θητείας του.

ΟΥΑΣΙΓΚΤΩΝ, 17. (Ἡνωμ. Τύπος). — Ὁ πρόεδρος Τζόνσον ὑποστηρίζει ἐπισήμως τὴν ὑποψηφιότητα τοῦ ἀντιπροέδρου κ. Χάμφρεϋ διὰ τὴν προεδρίαν, διότι τὸν θεωρεῖ πολὺ κατάλληλον διὰ τὴν θέσιν. Ὁ κ. Τζόνσον ἐπῄνεσε τὸ ἔργον τοῦ κ. Χάμφρεϋ κατὰ τὴν διάρκειαν τῆς θητείας του.

ΑΛΛΑ ΔΙΑΘΕΣΙΣ

ΜΠΟΥΦΑΛΟ, (Νέα Ὑόρκη), 17. (Ρόυτερ). — Ὁ ἀντιπρόεδρος κ. Χάμφρεϋ ὡμίλησεν εἰς συγκέντρωσιν ἐργατῶν.

ΟΥΑΣΙΓΚΤΩΝ, 17. (Ἡνωμ. Τύπος). — Ὁ πρόεδρος Τζόνσον ὑποστηρίζει ἐπισήμως τὴν ὑποψηφιότητα τοῦ ἀντιπροέδρου κ. Χάμφρεϋ διὰ τὴν προεδρίαν, διότι τὸν θεωρεῖ πολὺ κατάλληλον διὰ τὴν θέσιν. Ὁ κ. Τζόνσον ἐπῄνεσε τὸ ἔργον τοῦ κ. Χάμφρεϋ κατὰ τὴν διάρκειαν τῆς θητείας του.

ΟΥΑΣΙΓΚΤΩΝ, 17. (Ἡνωμ. Τύπος). — Ὁ πρόεδρος Τζόνσον ὑποστηρίζει ἐπισήμως τὴν ὑποψηφιότητα τοῦ ἀντιπροέδρου κ. Χάμφρεϋ διὰ τὴν προεδρίαν, διότι τὸν θεωρεῖ πολὺ κατάλληλον διὰ τὴν θέσιν. Ὁ κ. Τζόνσον ἐπῄνεσε τὸ ἔργον τοῦ κ. Χάμφρεϋ κατὰ τὴν διάρκειαν τῆς θητείας του.

ΑΙ ΕΚΛΟΓΑΙ ΕΙΣ ΜΟΣΧΑΝ

ΜΟΣΧΑ, 17. (Ρόυτερ). — Ἡ σοβιετικὴ ἐφημερὶς «Πράβδα» ἐπικρίνει τὴν προεκλογικὴν ἐκστρατείαν εἰς τὰς ΗΠΑ.

ΟΥΑΣΙΓΚΤΩΝ, 17. (Ἡνωμ. Τύπος). — Ὁ πρόεδρος Τζόνσον ὑποστηρίζει ἐπισήμως τὴν ὑποψηφιότητα τοῦ ἀντιπροέδρου κ. Χάμφρεϋ διὰ τὴν προεδρίαν, διότι τὸν θεωρεῖ πολὺ κατάλληλον διὰ τὴν θέσιν. Ὁ κ. Τζόνσον ἐπῄνεσε τὸ ἔργον τοῦ κ. Χάμφρεϋ κατὰ τὴν διάρκειαν τῆς θητείας του.

ΑΝΟΙΚΤΗ ΕΠΙΣΤΟΛΗ

ΟΥΑΣΙΓΚΤΩΝ, 17. (Ἡνωμ. Τύπος). — Ἀνοικτὴ ἐπιστολὴ πρὸς τὸν πρόεδρον ἀπηύθυναν ὁμάδες φοιτητῶν.

Ἐπέμβασις τῆς Σοβ. Ἑνώσεως εἰς τὴν Δυτ. Γερμανίαν θὰ ἔχη ἀμέσου ἀπάντησιν
ΤΟΝΙΖΕΙ Η ΟΥΑΣΙΓΚΤΩΝ ΕΚ ΜΕΡΟΥΣ ΤΟΥ ΝΑΤΟ

ΟΥΑΣΙΓΚΤΩΝ, 17. (Ἀσσ. Πρὲς). — Τὸ Στέιτ Ντηπάρτμεντ ἐδήλωσεν ὅτι οἱοσδήποτε ἐπέμβασις τῆς Σοβιετικῆς Ἑνώσεως εἰς τὴν Δυτικὴν Γερμανίαν θὰ ἔχῃ ὡς ἀποτέλεσμα ἄμεσον ἀπάντησιν ἐκ μέρους τοῦ ΝΑΤΟ. Ἡ δήλωσις ἀποτελεῖ ἀπάντησιν εἰς τὰς σοβιετικὰς ἀπειλὰς κατὰ τῆς Βόννης.

ΟΥΑΣΙΓΚΤΩΝ, 17. (Ἀσσ. Πρὲς). — Τὸ Στέιτ Ντηπάρτμεντ ἐδήλωσεν ὅτι οἱοσδήποτε ἐπέμβασις τῆς Σοβιετικῆς Ἑνώσεως εἰς τὴν Δυτικὴν Γερμανίαν θὰ ἔχῃ ὡς ἀποτέλεσμα ἄμεσον ἀπάντησιν ἐκ μέρους τοῦ ΝΑΤΟ. Ἡ δήλωσις ἀποτελεῖ ἀπάντησιν εἰς τὰς σοβιετικὰς ἀπειλὰς κατὰ τῆς Βόννης.

ΟΥΑΣΙΓΚΤΩΝ, 17. (Ἀσσ. Πρὲς). — Τὸ Στέιτ Ντηπάρτμεντ ἐδήλωσεν ὅτι οἱοσδήποτε ἐπέμβασις τῆς Σοβιετικῆς Ἑνώσεως εἰς τὴν Δυτικὴν Γερμανίαν θὰ ἔχῃ ὡς ἀποτέλεσμα ἄμεσον ἀπάντησιν ἐκ μέρους τοῦ ΝΑΤΟ. Ἡ δήλωσις ἀποτελεῖ ἀπάντησιν εἰς τὰς σοβιετικὰς ἀπειλὰς κατὰ τῆς Βόννης.

ΟΥΑΣΙΓΚΤΩΝ, 17. (Ἀσσ. Πρὲς). — Τὸ Στέιτ Ντηπάρτμεντ ἐδήλωσεν ὅτι οἱοσδήποτε ἐπέμβασις τῆς Σοβιετικῆς Ἑνώσεως εἰς τὴν Δυτικὴν Γερμανίαν θὰ ἔχῃ ὡς ἀποτέλεσμα ἄμεσον ἀπάντησιν ἐκ μέρους τοῦ ΝΑΤΟ. Ἡ δήλωσις ἀποτελεῖ ἀπάντησιν εἰς τὰς σοβιετικὰς ἀπειλὰς κατὰ τῆς Βόννης.
